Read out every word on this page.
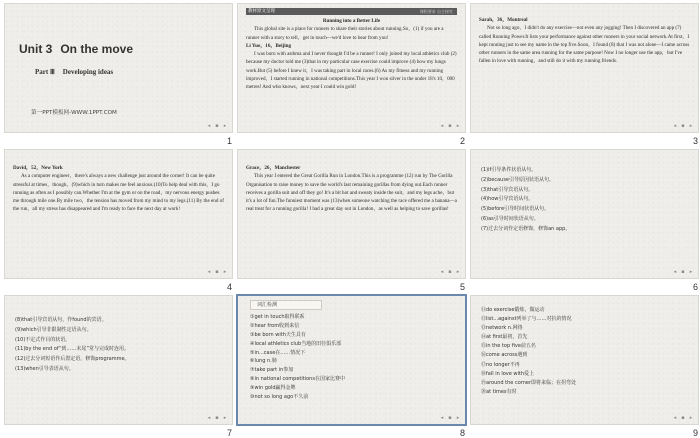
Unit 3 On the move
Part Ⅲ Developing ideas
第一PPT模板网-WWW.1PPT.COM
◂	▪	▸
1
教材原文呈现	课程要求 自主探究

Running into a Better Life

This global site is a place for runners to share their stories about running.So，(1) if you are a runner with a story to tell，get in touch—we'd love to hear from you!

Li Yue，16，Beijing

I was born with asthma and I never thought I'd be a runner! I only joined my local athletics club (2) because my doctor told me (3)that in my particular case exercise could improve (4) how my lungs work.But (5) before I knew it，I was taking part in local races.(6) As my fitness and my running improved，I started running in national competitions.This year I won silver in the under 18's 10，000 metres! And who knows，next year I could win gold!

◂	▪	▸
2

Sarah，36，Montreal

Not so long ago，I didn't do any exercise—not even any jogging! Then I discovered an app (7) called Running Power.It lists your performance against other runners in your social network.At first，I kept running just to see my name in the top five.Soon，I found (8) that I was not alone—I came across other runners in the same area running for the same purpose! Now I no longer use the app，but I've fallen in love with running，and still do it with my running friends.

◂	▪	▸
3

David，52，New York

As a computer engineer，there's always a new challenge just around the corner! It can be quite stressful at times，though。(9)which in turn makes me feel anxious.(10)To help deal with this，I go running as often as I possibly can.Whether I'm at the gym or on the road，my nervous energy pushes me through mile one.By mile two，the tension has moved from my mind to my legs.(11) By the end of the run，all my stress has disappeared and I'm ready to face the next day at work!

◂	▪	▸
4

Grace，26，Manchester

This year I entered the Great Gorilla Run in London.This is a programme (12) run by The Gorilla Organisation to raise money to save the world's last remaining gorillas from dying out.Each runner receives a gorilla suit and off they go! It's a bit hot and sweaty inside the suit，and my legs ache，but it's a lot of fun.The funniest moment was (13)when someone watching the race offered me a banana—a real treat for a running gorilla! I had a great day out in London，as well as helping to save gorillas!

◂	▪	▸
5
(1)if引导条件状语从句。
(2)because引导原因状语从句。
(3)that引导宾语从句。
(4)how引导宾语从句。
(5)before引导时间状语从句。
(6)as引导时间状语从句。
(7)过去分词作定语修饰，修饰an app。
◂	▪	▸
6
(8)that引导宾语从句，作found的宾语。
(9)which引导非限制性定语从句。
(10)不定式作目的状语。
(11)by the end of“到……末尾”常与完成时连用。
(12)过去分词短语作后置定语，修饰programme。
(13)when引导表语从句。
◂	▪	▸
7
词汇检测
①get in touch取得联系
②hear from收到来信
③be born with天生具有
④local athletics club当地的田径俱乐部
⑤in...case在……情况下
⑥lung n.肺
⑦take part in参加
⑧in national competitions在国家比赛中
⑨win gold赢得金牌
⑩not so long ago不久前
◂	▪	▸
8
⑪do exercise锻炼，做运动
⑫list...against列举了与……对抗的情况
⑬network n.网络
⑭at first最初，首先
⑮in the top five前五名
⑯come across遇到
⑰no longer不再
⑱fall in love with爱上
⑲around the corner即将来临；在拐弯处
⑳at times有时
◂	▪	▸
9
